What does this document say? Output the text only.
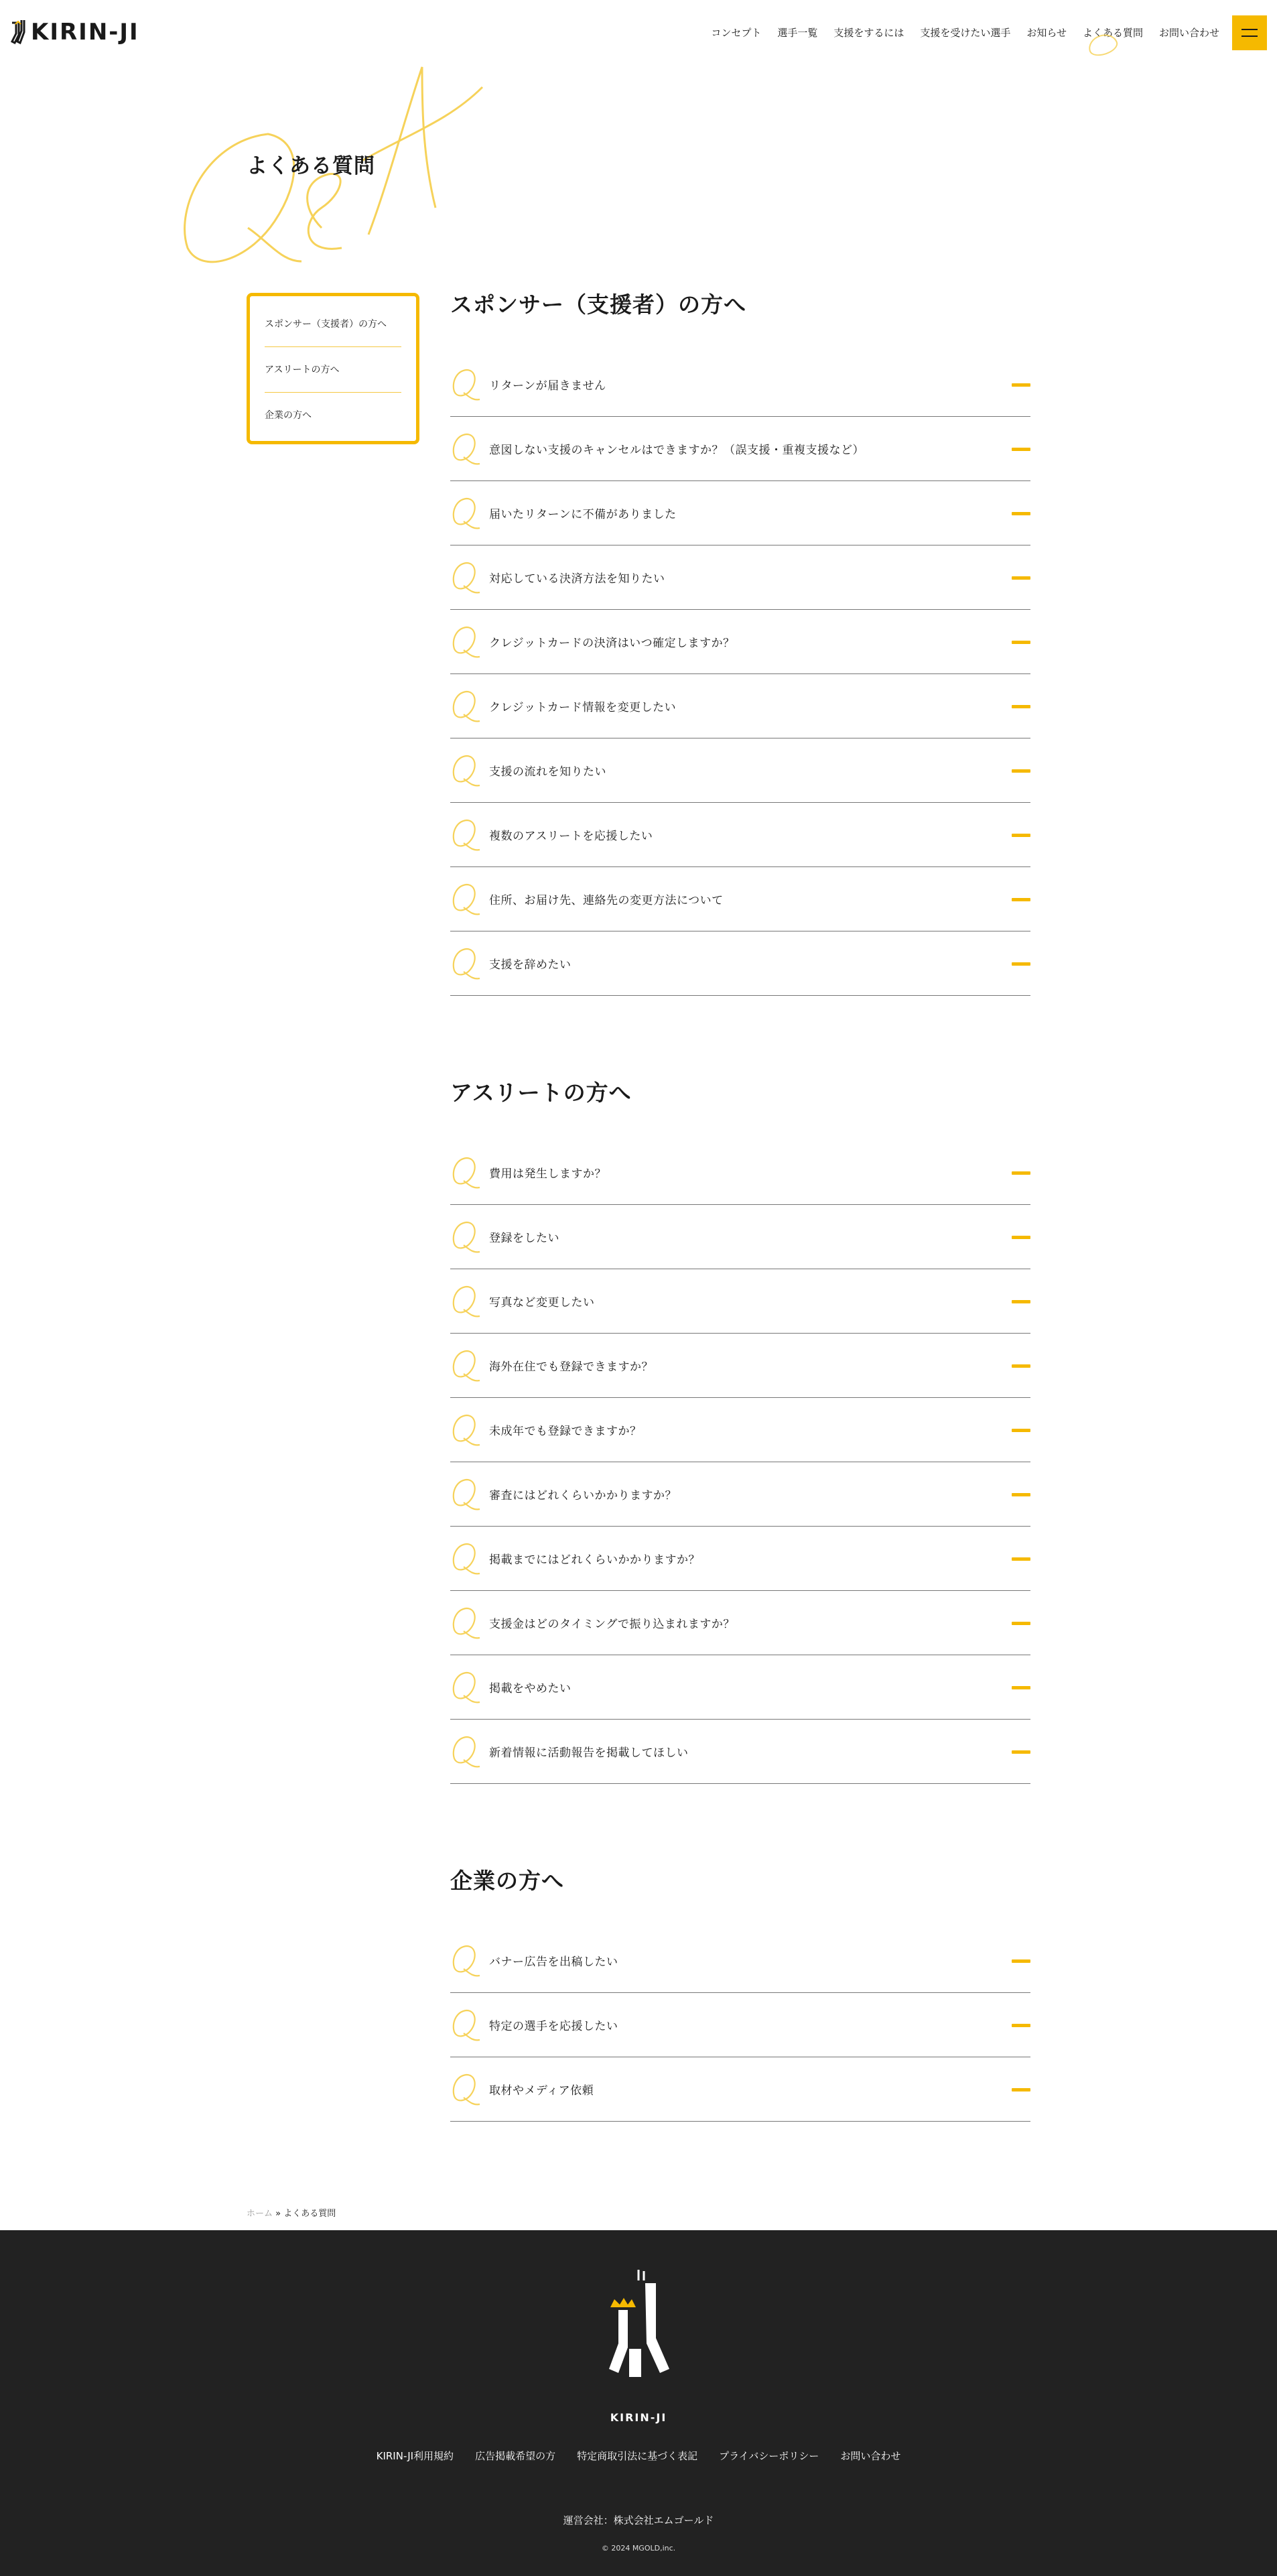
KIRIN-JI	コンセプト 選手一覧 支援をするには 支援を受けたい選手 お知らせ よくある質問 お問い合わせ
よくある質問
スポンサー（支援者）の方へ
アスリートの方へ
企業の方へ
スポンサー（支援者）の方へ
リターンが届きません
意図しない支援のキャンセルはできますか？（誤支援・重複支援など）
届いたリターンに不備がありました
対応している決済方法を知りたい
クレジットカードの決済はいつ確定しますか？
クレジットカード情報を変更したい
支援の流れを知りたい
複数のアスリートを応援したい
住所、お届け先、連絡先の変更方法について
支援を辞めたい
アスリートの方へ
費用は発生しますか？
登録をしたい
写真など変更したい
海外在住でも登録できますか？
未成年でも登録できますか？
審査にはどれくらいかかりますか？
掲載までにはどれくらいかかりますか？
支援金はどのタイミングで振り込まれますか？
掲載をやめたい
新着情報に活動報告を掲載してほしい
企業の方へ
バナー広告を出稿したい
特定の選手を応援したい
取材やメディア依頼
ホーム » よくある質問
KIRIN-JI
KIRIN-JI利用規約 広告掲載希望の方 特定商取引法に基づく表記 プライバシーポリシー お問い合わせ
運営会社：株式会社エムゴールド
© 2024 MGOLD,inc.
